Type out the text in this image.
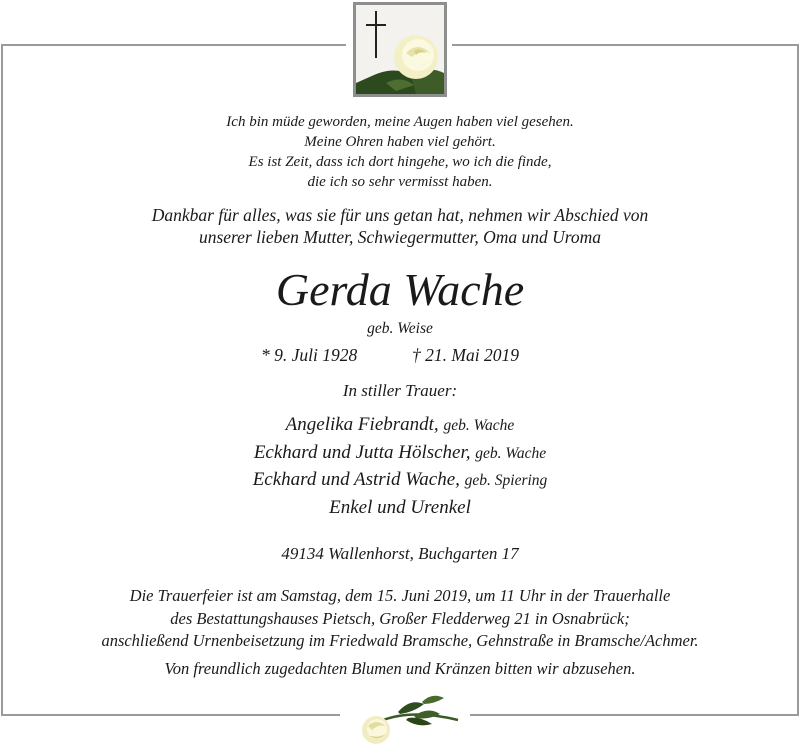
Ich bin müde geworden, meine Augen haben viel gesehen.
Meine Ohren haben viel gehört.
Es ist Zeit, dass ich dort hingehe, wo ich die finde,
die ich so sehr vermisst haben.
Dankbar für alles, was sie für uns getan hat, nehmen wir Abschied von
unserer lieben Mutter, Schwiegermutter, Oma und Uroma
Gerda Wache
geb. Weise
* 9. Juli 1928	† 21. Mai 2019
In stiller Trauer:
Angelika Fiebrandt, geb. Wache
Eckhard und Jutta Hölscher, geb. Wache
Eckhard und Astrid Wache, geb. Spiering
Enkel und Urenkel
49134 Wallenhorst, Buchgarten 17
Die Trauerfeier ist am Samstag, dem 15. Juni 2019, um 11 Uhr in der Trauerhalle
des Bestattungshauses Pietsch, Großer Fledderweg 21 in Osnabrück;
anschließend Urnenbeisetzung im Friedwald Bramsche, Gehnstraße in Bramsche/Achmer.
Von freundlich zugedachten Blumen und Kränzen bitten wir abzusehen.
